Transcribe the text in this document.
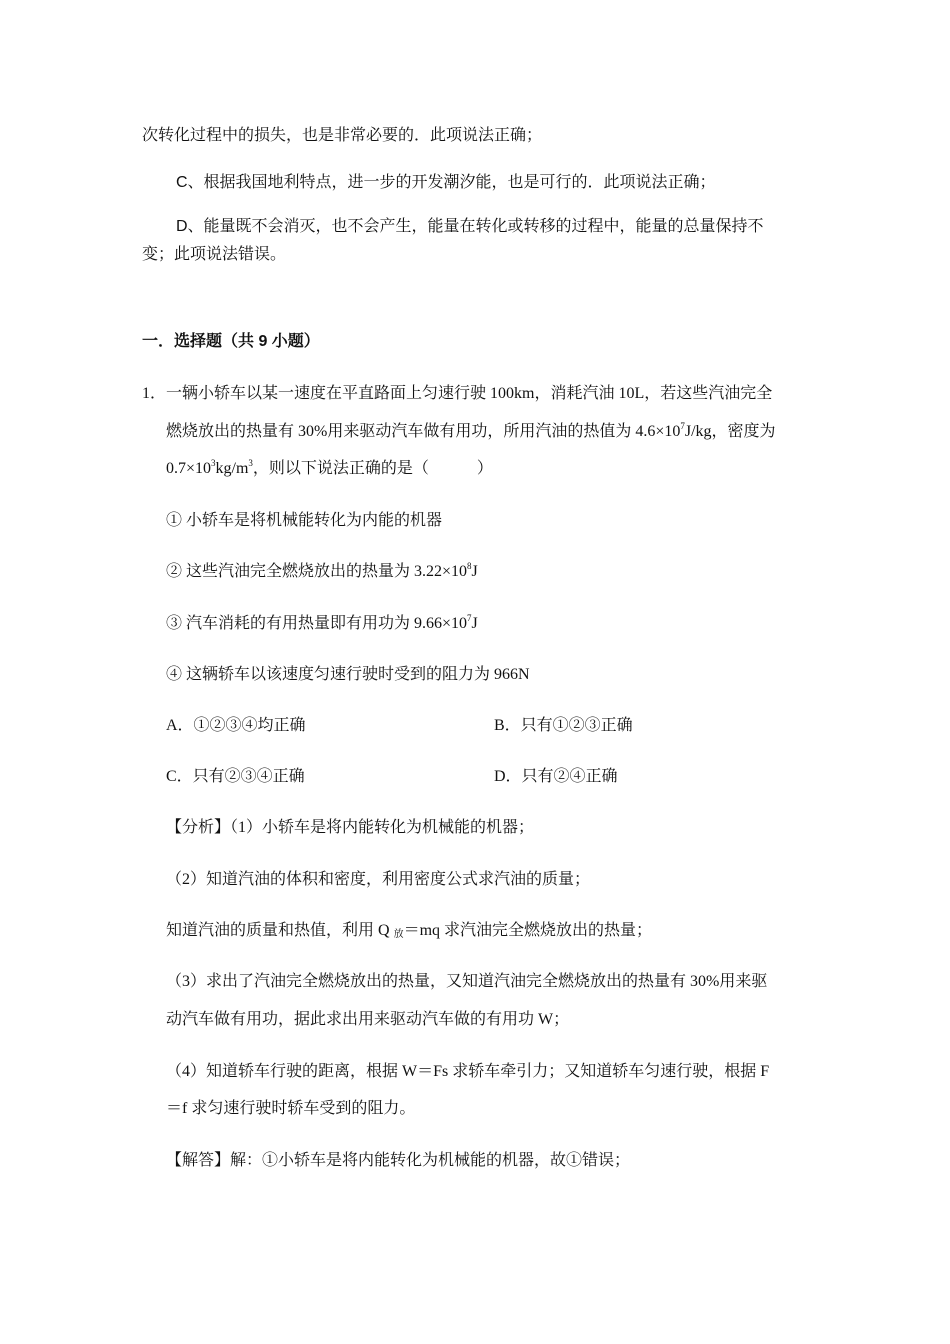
次转化过程中的损失，也是非常必要的．此项说法正确；
C、根据我国地利特点，进一步的开发潮汐能，也是可行的．此项说法正确；
D、能量既不会消灭，也不会产生，能量在转化或转移的过程中，能量的总量保持不
变；此项说法错误。
一．选择题（共 9 小题）
1．一辆小轿车以某一速度在平直路面上匀速行驶 100km，消耗汽油 10L，若这些汽油完全
燃烧放出的热量有 30%用来驱动汽车做有用功，所用汽油的热值为 $4.6\times 10^7J/kg$，密度为
$0.7\times 10^3kg/m^3$，则以下说法正确的是（　　　）
① 小轿车是将机械能转化为内能的机器
② 这些汽油完全燃烧放出的热量为 $3.22\times 10^8J$
③ 汽车消耗的有用热量即有用功为 $9.66\times 10^7J$
④ 这辆轿车以该速度匀速行驶时受到的阻力为 966N
A．①②③④均正确	B．只有①②③正确
C．只有②③④正确	D．只有②④正确
【分析】（1）小轿车是将内能转化为机械能的机器；
（2）知道汽油的体积和密度，利用密度公式求汽油的质量；
知道汽油的质量和热值，利用 Q $_放$＝mq 求汽油完全燃烧放出的热量；
（3）求出了汽油完全燃烧放出的热量，又知道汽油完全燃烧放出的热量有 30%用来驱
动汽车做有用功，据此求出用来驱动汽车做的有用功 W；
（4）知道轿车行驶的距离，根据 W＝Fs 求轿车牵引力；又知道轿车匀速行驶，根据 F
＝f 求匀速行驶时轿车受到的阻力。
【解答】解：①小轿车是将内能转化为机械能的机器，故①错误；
